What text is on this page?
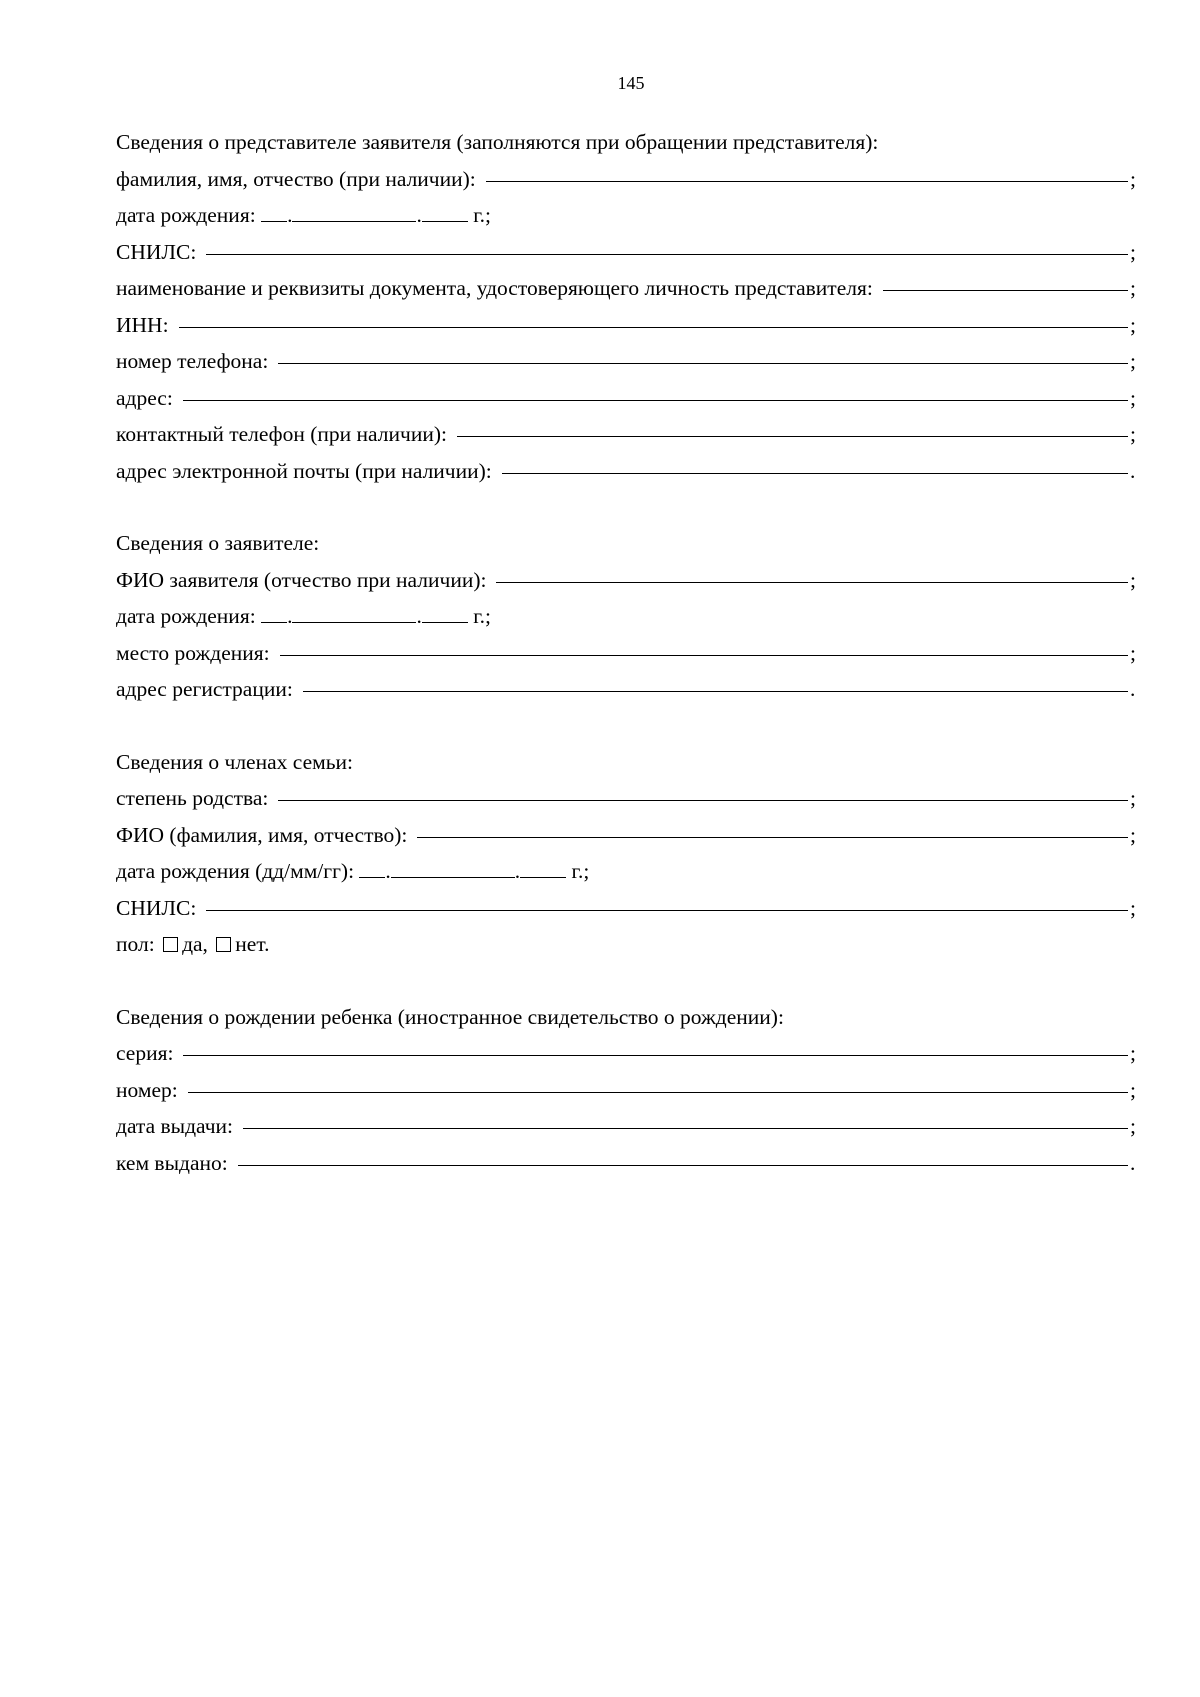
145
Сведения о представителе заявителя (заполняются при обращении представителя):
фамилия, имя, отчество (при наличии):	;
дата рождения: .	. г.;
СНИЛС:	;
наименование и реквизиты документа, удостоверяющего личность представителя:	;
ИНН:	;
номер телефона:	;
адрес:	;
контактный телефон (при наличии):	;
адрес электронной почты (при наличии):	.
Сведения о заявителе:
ФИО заявителя (отчество при наличии):	;
дата рождения: .	. г.;
место рождения:	;
адрес регистрации:	.
Сведения о членах семьи:
степень родства:	;
ФИО (фамилия, имя, отчество):	;
дата рождения (дд/мм/гг): .	. г.;
СНИЛС:	;
пол: да, нет.
Сведения о рождении ребенка (иностранное свидетельство о рождении):
серия:	;
номер:	;
дата выдачи:	;
кем выдано:	.
